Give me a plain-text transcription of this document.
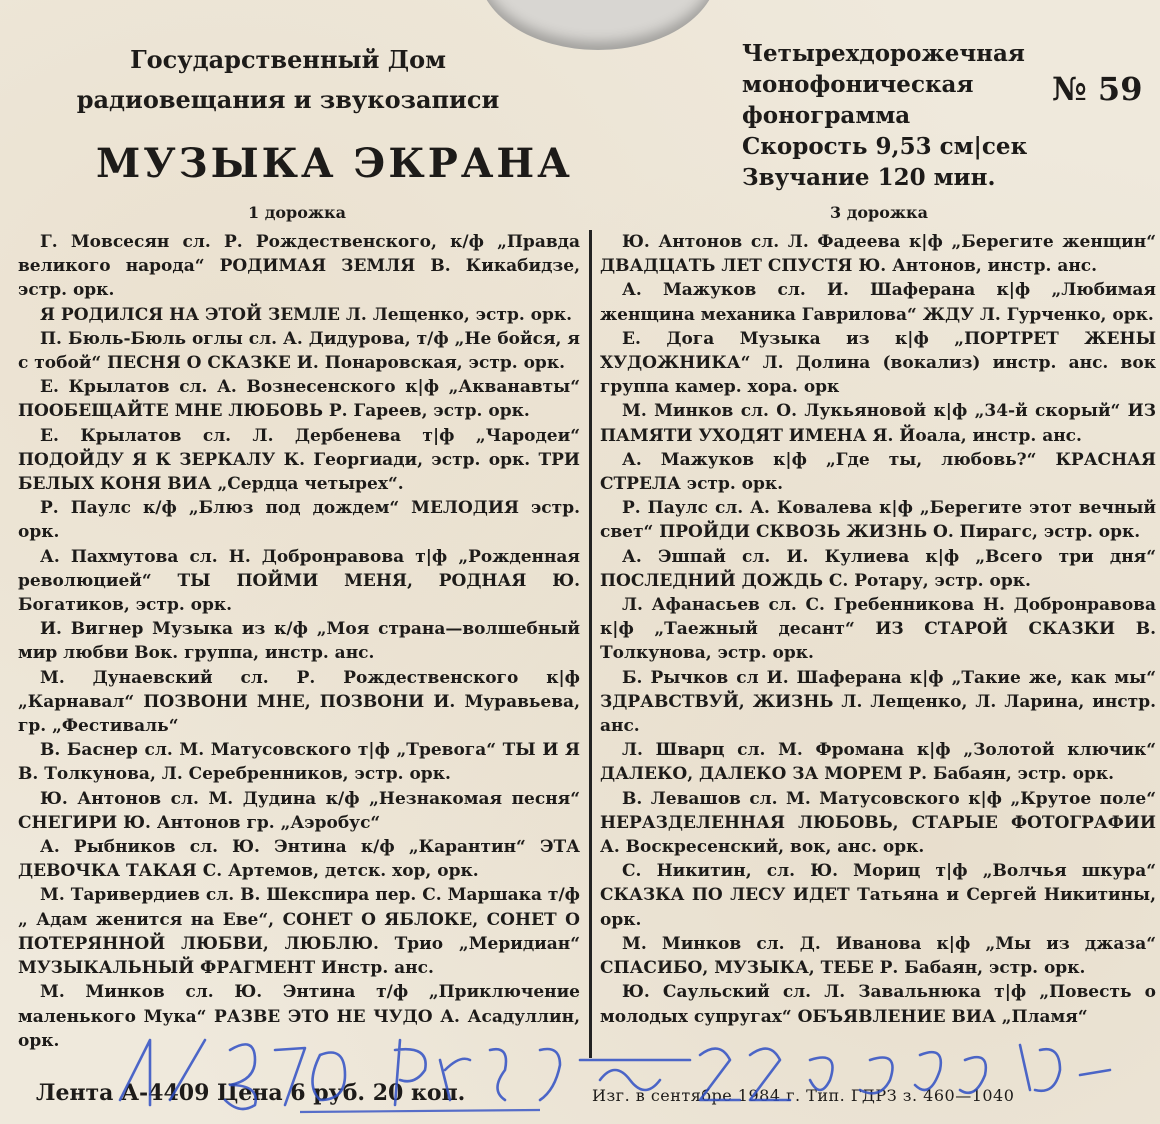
Государственный Дом
радиовещания и звукозаписи
МУЗЫКА ЭКРАНА
Четырехдорожечная
монофоническая
фонограмма
Скорость 9,53 см|сек
Звучание 120 мин.
№ 59
1 дорожка	3 дорожка

Г. Мовсесян сл. Р. Рождественского, к/ф „Правда великого народа“ РОДИМАЯ ЗЕМЛЯ В. Кикабидзе, эстр. орк.

Я РОДИЛСЯ НА ЭТОЙ ЗЕМЛЕ Л. Лещенко, эстр. орк.

П. Бюль-Бюль оглы сл. А. Дидурова, т/ф „Не бойся, я с тобой“ ПЕСНЯ О СКАЗКЕ И. Понаровская, эстр. орк.

Е. Крылатов сл. А. Вознесенского к|ф „Акванавты“ ПООБЕЩАЙТЕ МНЕ ЛЮБОВЬ Р. Гареев, эстр. орк.

Е. Крылатов сл. Л. Дербенева т|ф „Чародеи“ ПОДОЙДУ Я К ЗЕРКАЛУ К. Георгиади, эстр. орк. ТРИ БЕЛЫХ КОНЯ ВИА „Сердца четырех“.

Р. Паулс к/ф „Блюз под дождем“ МЕЛОДИЯ эстр. орк.

А. Пахмутова сл. Н. Добронравова т|ф „Рожденная революцией“ ТЫ ПОЙМИ МЕНЯ, РОДНАЯ Ю. Богатиков, эстр. орк.

И. Вигнер Музыка из к/ф „Моя страна—волшебный мир любви Вок. группа, инстр. анс.

М. Дунаевский сл. Р. Рождественского к|ф „Карнавал“ ПОЗВОНИ МНЕ, ПОЗВОНИ И. Муравьева, гр. „Фестиваль“

В. Баснер сл. М. Матусовского т|ф „Тревога“ ТЫ И Я В. Толкунова, Л. Серебренников, эстр. орк.

Ю. Антонов сл. М. Дудина к/ф „Незнакомая песня“ СНЕГИРИ Ю. Антонов гр. „Аэробус“

А. Рыбников сл. Ю. Энтина к/ф „Карантин“ ЭТА ДЕВОЧКА ТАКАЯ С. Артемов, детск. хор, орк.

М. Таривердиев сл. В. Шекспира пер. С. Маршака т/ф „ Адам женится на Еве“, СОНЕТ О ЯБЛОКЕ, СОНЕТ О ПОТЕРЯННОЙ ЛЮБВИ, ЛЮБЛЮ. Трио „Меридиан“ МУЗЫКАЛЬНЫЙ ФРАГМЕНТ Инстр. анс.

М. Минков сл. Ю. Энтина т/ф „Приключение маленького Мука“ РАЗВЕ ЭТО НЕ ЧУДО А. Асадуллин, орк.

Ю. Антонов сл. Л. Фадеева к|ф „Берегите женщин“ ДВАДЦАТЬ ЛЕТ СПУСТЯ Ю. Антонов, инстр. анс.

А. Мажуков сл. И. Шаферана к|ф „Любимая женщина механика Гаврилова“ ЖДУ Л. Гурченко, орк.

Е. Дога Музыка из к|ф „ПОРТРЕТ ЖЕНЫ ХУДОЖНИКА“ Л. Долина (вокализ) инстр. анс. вок группа камер. хора. орк

М. Минков сл. О. Лукьяновой к|ф „34-й скорый“ ИЗ ПАМЯТИ УХОДЯТ ИМЕНА Я. Йоала, инстр. анс.

А. Мажуков к|ф „Где ты, любовь?“ КРАСНАЯ СТРЕЛА эстр. орк.

Р. Паулс сл. А. Ковалева к|ф „Берегите этот вечный свет“ ПРОЙДИ СКВОЗЬ ЖИЗНЬ О. Пирагс, эстр. орк.

А. Эшпай сл. И. Кулиева к|ф „Всего три дня“ ПОСЛЕДНИЙ ДОЖДЬ С. Ротару, эстр. орк.

Л. Афанасьев сл. С. Гребенникова Н. Добронравова к|ф „Таежный десант“ ИЗ СТАРОЙ СКАЗКИ В. Толкунова, эстр. орк.

Б. Рычков сл И. Шаферана к|ф „Такие же, как мы“ ЗДРАВСТВУЙ, ЖИЗНЬ Л. Лещенко, Л. Ларина, инстр. анс.

Л. Шварц сл. М. Фромана к|ф „Золотой ключик“ ДАЛЕКО, ДАЛЕКО ЗА МОРЕМ Р. Бабаян, эстр. орк.

В. Левашов сл. М. Матусовского к|ф „Крутое поле“ НЕРАЗДЕЛЕННАЯ ЛЮБОВЬ, СТАРЫЕ ФОТОГРАФИИ А. Воскресенский, вок, анс. орк.

С. Никитин, сл. Ю. Мориц т|ф „Волчья шкура“ СКАЗКА ПО ЛЕСУ ИДЕТ Татьяна и Сергей Никитины, орк.

М. Минков сл. Д. Иванова к|ф „Мы из джаза“ СПАСИБО, МУЗЫКА, ТЕБЕ Р. Бабаян, эстр. орк.

Ю. Саульский сл. Л. Завальнюка т|ф „Повесть о молодых супругах“ ОБЪЯВЛЕНИЕ ВИА „Пламя“

Лента А-4409 Цена 6 руб. 20 коп.	Изг. в сентябре 1984 г. Тип. ГДРЗ з. 460—1040
